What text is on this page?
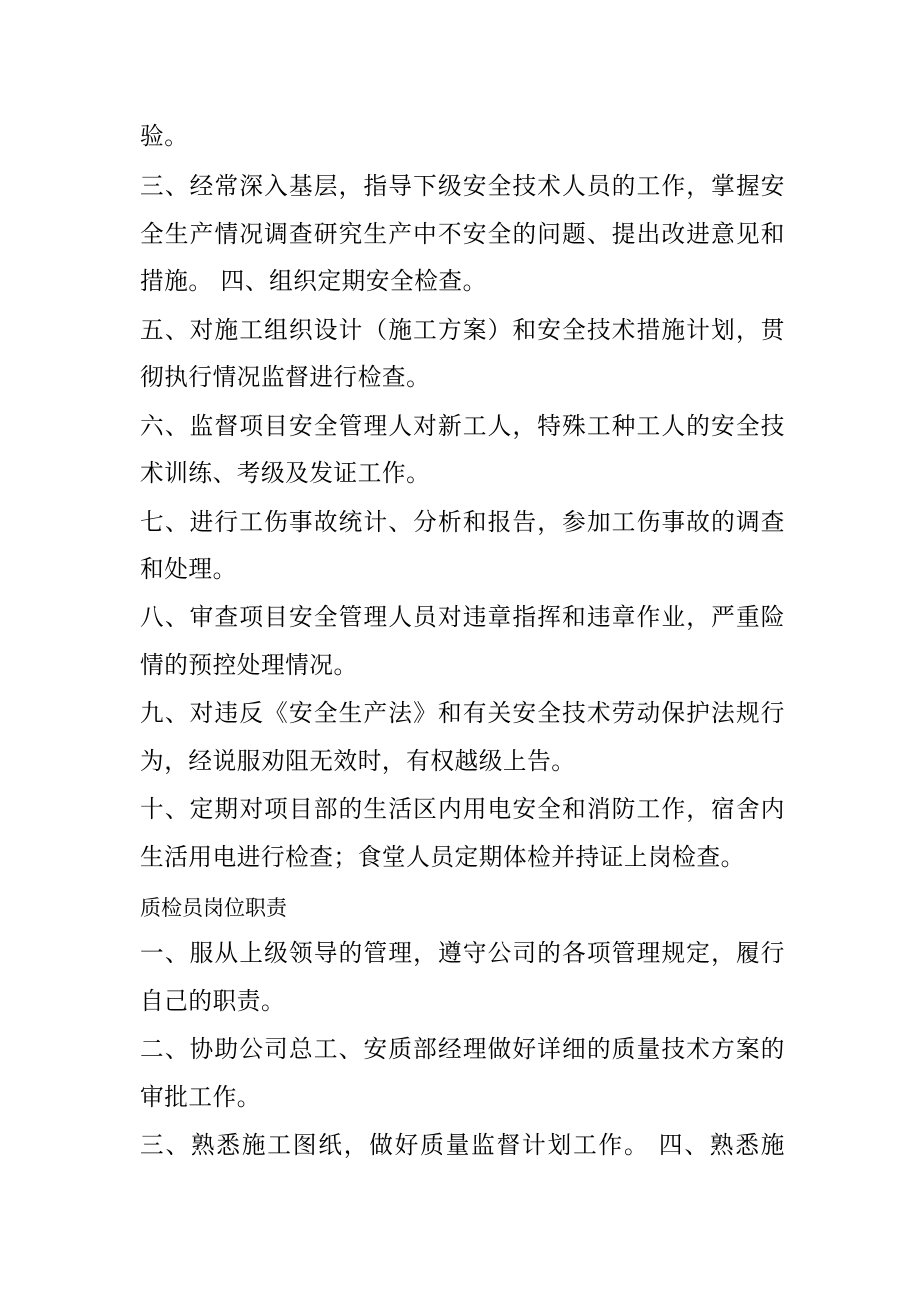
验。
三、经常深入基层，指导下级安全技术人员的工作，掌握安
全生产情况调查研究生产中不安全的问题、提出改进意见和
措施。 四、组织定期安全检查。
五、对施工组织设计（施工方案）和安全技术措施计划，贯
彻执行情况监督进行检查。
六、监督项目安全管理人对新工人，特殊工种工人的安全技
术训练、考级及发证工作。
七、进行工伤事故统计、分析和报告，参加工伤事故的调查
和处理。
八、审查项目安全管理人员对违章指挥和违章作业，严重险
情的预控处理情况。
九、对违反《安全生产法》和有关安全技术劳动保护法规行
为，经说服劝阻无效时，有权越级上告。
十、定期对项目部的生活区内用电安全和消防工作，宿舍内
生活用电进行检查；食堂人员定期体检并持证上岗检查。
质检员岗位职责
一、服从上级领导的管理，遵守公司的各项管理规定，履行
自己的职责。
二、协助公司总工、安质部经理做好详细的质量技术方案的
审批工作。
三、熟悉施工图纸，做好质量监督计划工作。 四、熟悉施
